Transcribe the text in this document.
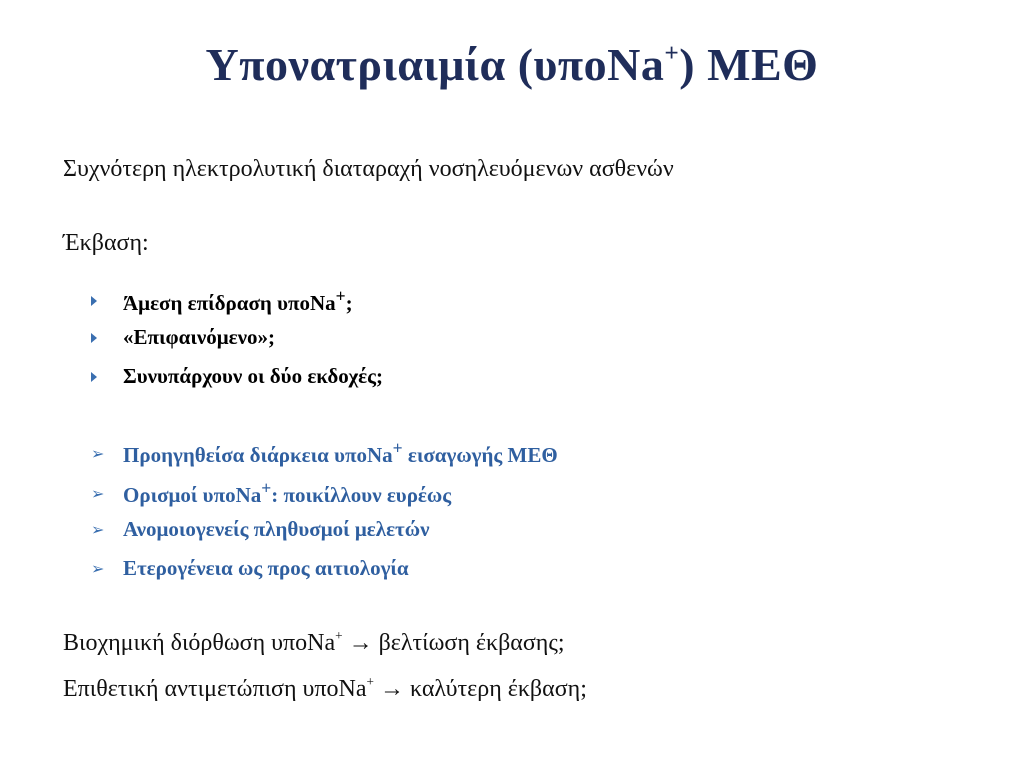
Υπονατριαιμία (υποNa+) ΜΕΘ
Συχνότερη ηλεκτρολυτική διαταραχή νοσηλευόμενων ασθενών
Έκβαση:
Άμεση επίδραση υποNa+;
«Επιφαινόμενο»;
Συνυπάρχουν οι δύο εκδοχές;
➢ Προηγηθείσα διάρκεια υποNa+ εισαγωγής ΜΕΘ
➢ Ορισμοί υποNa+: ποικίλλουν ευρέως
➢ Ανομοιογενείς πληθυσμοί μελετών
➢ Ετερογένεια ως προς αιτιολογία
Βιοχημική διόρθωση υποNa+ → βελτίωση έκβασης;
Επιθετική αντιμετώπιση υποNa+ → καλύτερη έκβαση;
